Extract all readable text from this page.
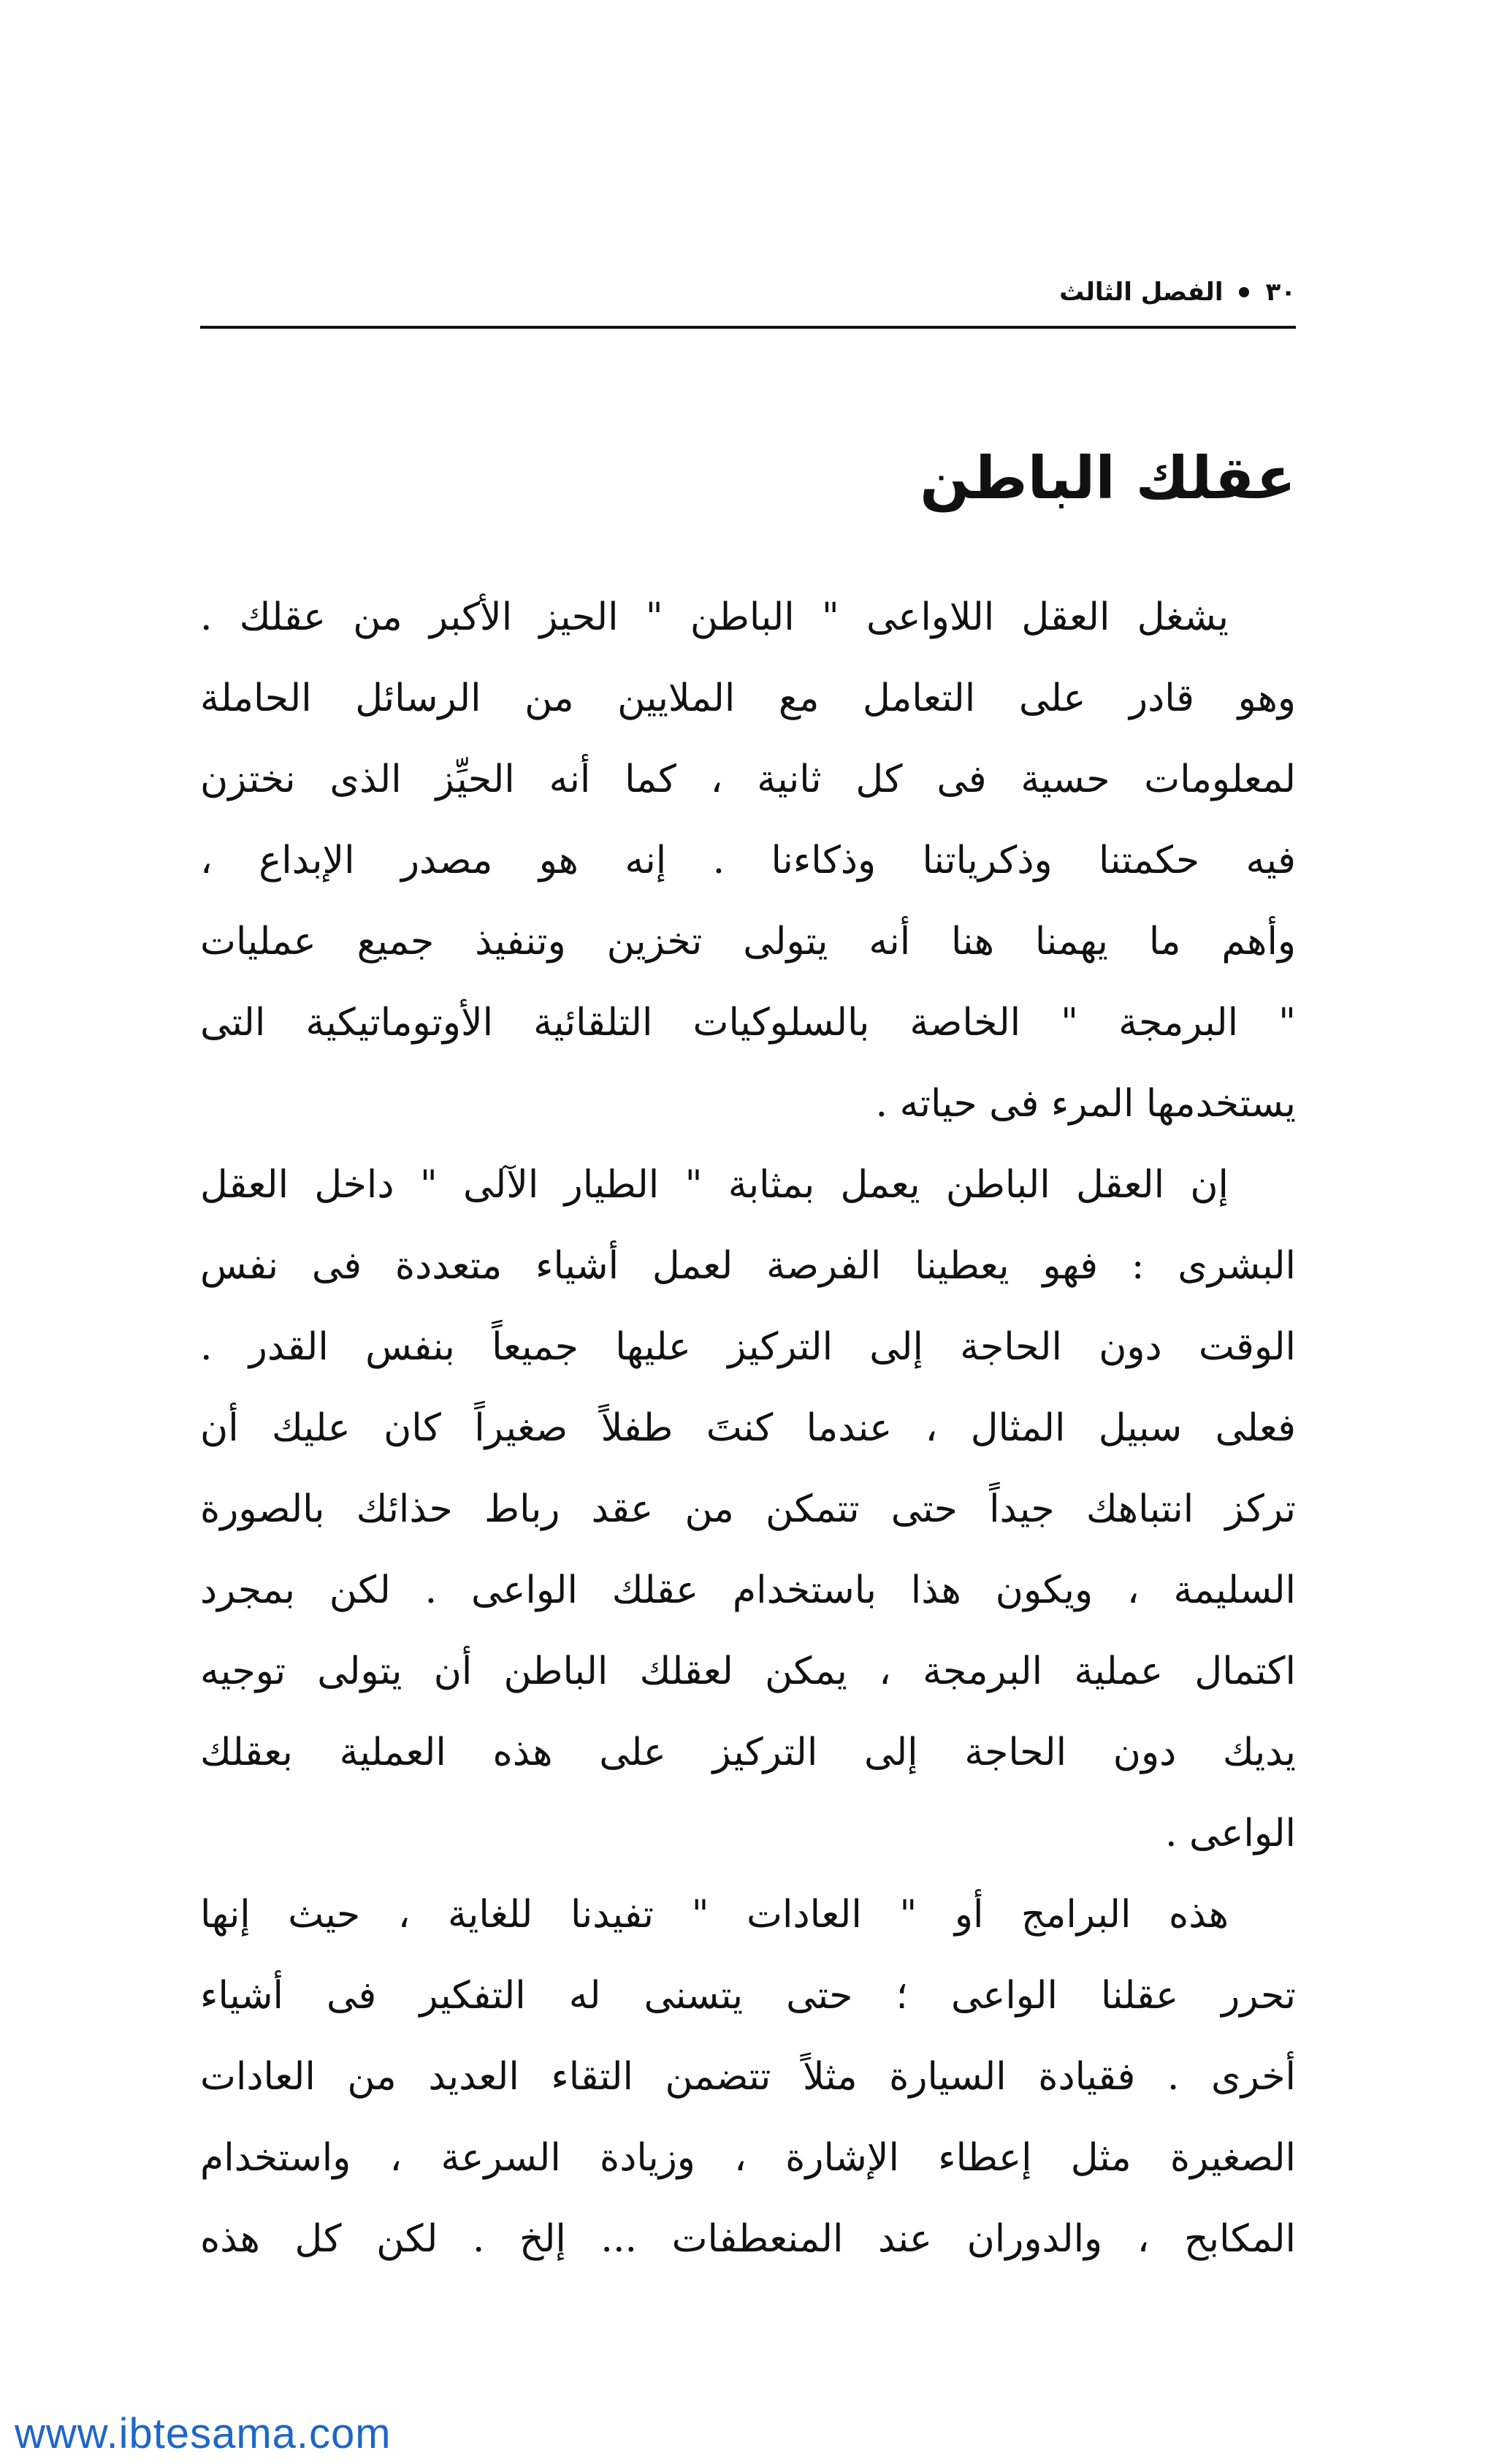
٣٠
الفصل الثالث
عقلك الباطن
يشغل العقل اللاواعى " الباطن " الحيز الأكبر من عقلك .
وهو قادر على التعامل مع الملايين من الرسائل الحاملة
لمعلومات حسية فى كل ثانية ، كما أنه الحيِّز الذى نختزن
فيه حكمتنا وذكرياتنا وذكاءنا . إنه هو مصدر الإبداع ،
وأهم ما يهمنا هنا أنه يتولى تخزين وتنفيذ جميع عمليات
" البرمجة " الخاصة بالسلوكيات التلقائية الأوتوماتيكية التى
يستخدمها المرء فى حياته .
إن العقل الباطن يعمل بمثابة " الطيار الآلى " داخل العقل
البشرى : فهو يعطينا الفرصة لعمل أشياء متعددة فى نفس
الوقت دون الحاجة إلى التركيز عليها جميعاً بنفس القدر .
فعلى سبيل المثال ، عندما كنتَ طفلاً صغيراً كان عليك أن
تركز انتباهك جيداً حتى تتمكن من عقد رباط حذائك بالصورة
السليمة ، ويكون هذا باستخدام عقلك الواعى . لكن بمجرد
اكتمال عملية البرمجة ، يمكن لعقلك الباطن أن يتولى توجيه
يديك دون الحاجة إلى التركيز على هذه العملية بعقلك
الواعى .
هذه البرامج أو " العادات " تفيدنا للغاية ، حيث إنها
تحرر عقلنا الواعى ؛ حتى يتسنى له التفكير فى أشياء
أخرى . فقيادة السيارة مثلاً تتضمن التقاء العديد من العادات
الصغيرة مثل إعطاء الإشارة ، وزيادة السرعة ، واستخدام
المكابح ، والدوران عند المنعطفات ... إلخ . لكن كل هذه
www.ibtesama.com
